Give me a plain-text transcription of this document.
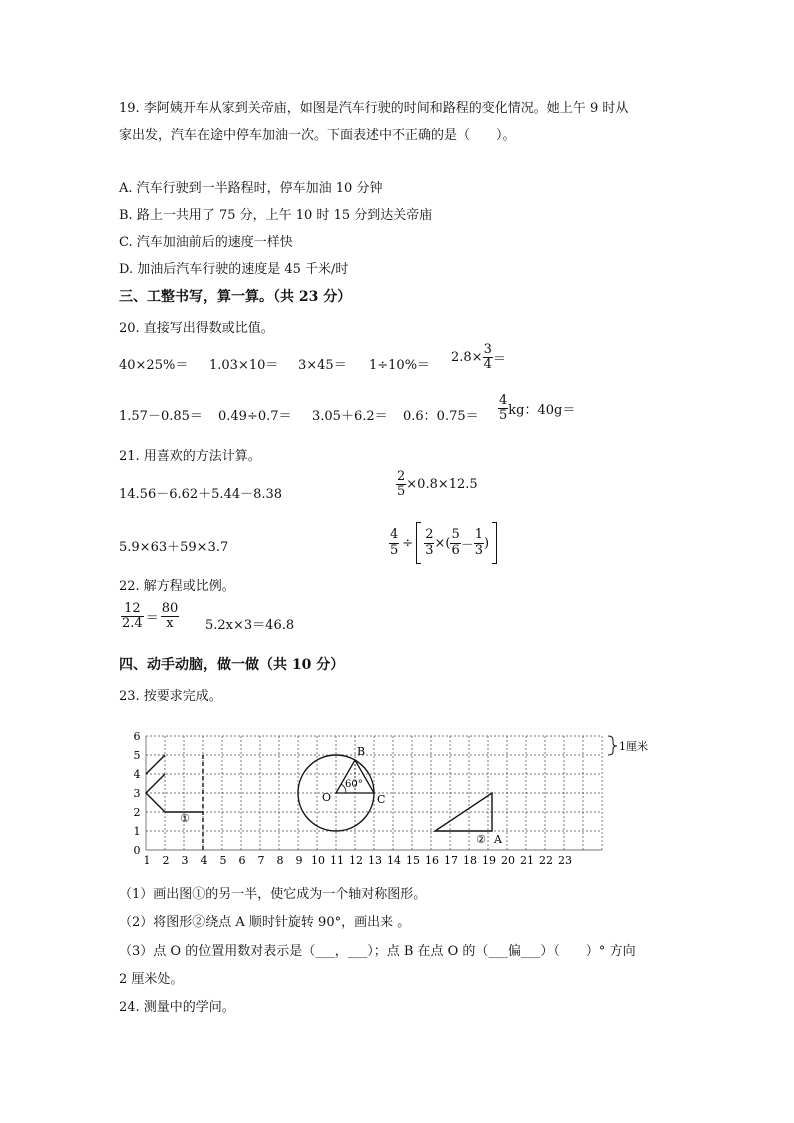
19. 李阿姨开车从家到关帝庙，如图是汽车行驶的时间和路程的变化情况。她上午 9 时从
家出发，汽车在途中停车加油一次。下面表述中不正确的是（　　）。
A. 汽车行驶到一半路程时，停车加油 10 分钟
B. 路上一共用了 75 分，上午 10 时 15 分到达关帝庙
C. 汽车加油前后的速度一样快
D. 加油后汽车行驶的速度是 45 千米/时
三、工整书写，算一算。（共 23 分）
20. 直接写出得数或比值。
40×25%＝ 1.03×10＝ 3×45＝ 1÷10%＝
$2.8\times \frac{3}{4}$ ＝
1.57－0.85＝ 0.49÷0.7＝ 3.05＋6.2＝ 0.6：$0.75= \frac{4}{5}$ kg：40g＝
21. 用喜欢的方法计算。
14.56－6.62＋5.44－8.38	$\frac{2}{5} \times 0.8\times 12.5$
5.9×63＋59×3.7	$\frac{4}{5} \div \frac{2}{3}$ ×( $\frac{5}{6} - \frac{1}{3}$ )
22. 解方程或比例。
$\frac{12}{2.4} = \frac{80}{x} 5.2x\times 3=46.8$
四、动手动脑，做一做（共 10 分）
23. 按要求完成。
1 2 3 4 5 6 7 8 9 10 11 12 13 14 15 16 17 18 19 20 21 22 23
0
1
2
3
4
5
6
①
60°
O
B
C
② A
1厘米
（1）画出图①的另一半，使它成为一个轴对称图形。
（2）将图形②绕点 A 顺时针旋转 90°，画出来 。
（3）点 O 的位置用数对表示是（___，___）；点 B 在点 O 的（___偏___）（　　）° 方向
2 厘米处。
24. 测量中的学问。
